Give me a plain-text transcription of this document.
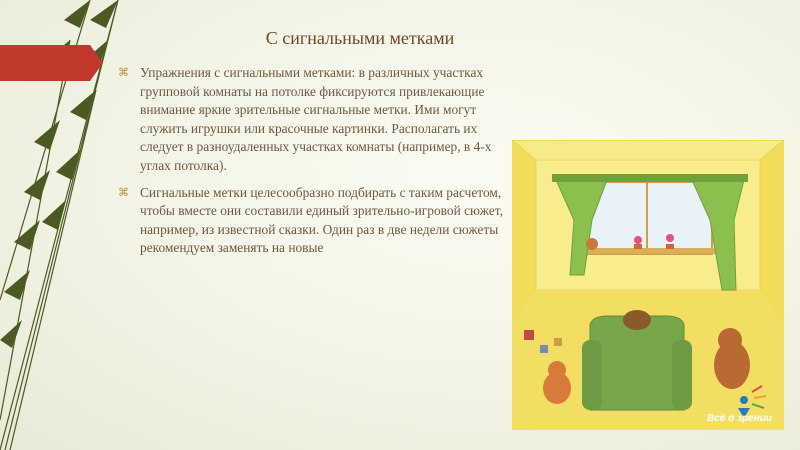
С сигнальными метками

⌘ Упражнения с сигнальными метками: в различных участках групповой комнаты на потолке фиксируются привлекающие внимание яркие зрительные сигнальные метки. Ими могут служить игрушки или красочные картинки. Располагать их следует в разноудаленных участках комнаты (например, в 4-х углах потолка).

⌘ Сигнальные метки целесообразно подбирать с таким расчетом, чтобы вместе они составили единый зрительно-игровой сюжет, например, из известной сказки. Один раз в две недели сюжеты рекомендуем заменять на новые

Всё о зрении
